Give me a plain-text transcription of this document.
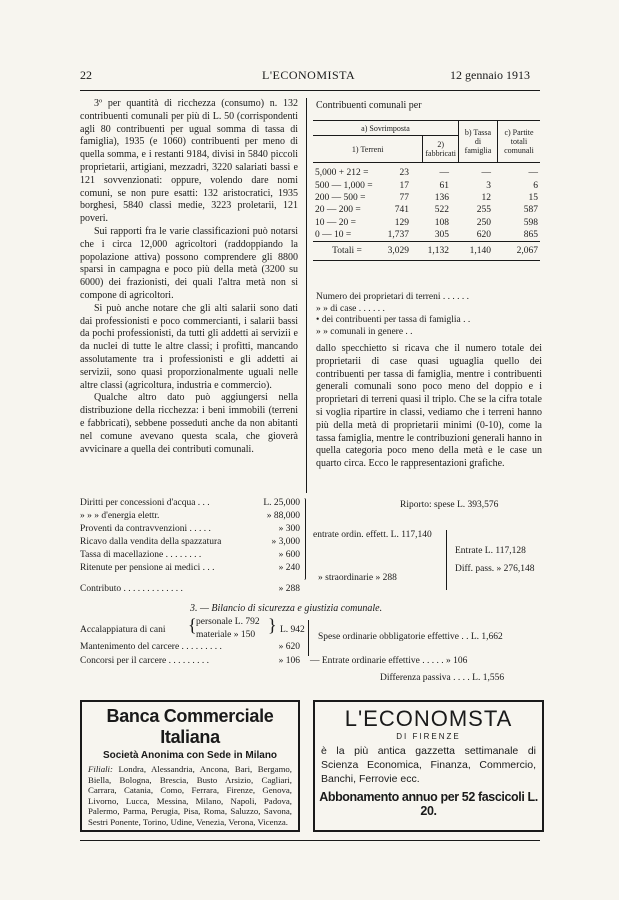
22	L'ECONOMISTA	12 gennaio 1913

3º per quantità di ricchezza (consumo) n. 132 contribuenti comunali per più di L. 50 (corrispondenti agli 80 contribuenti per ugual somma di tassa di famiglia), 1935 (e 1060) contribuenti per meno di quella somma, e i restanti 9184, divisi in 5840 piccoli proprietarii, artigiani, mezzadri, 3220 salariati bassi e 121 sovvenzionati: oppure, volendo dare nomi comuni, se non pure esatti: 132 aristocratici, 1935 borghesi, 5840 classi medie, 3223 proletarii, 121 poveri.

Sui rapporti fra le varie classificazioni può notarsi che i circa 12,000 agricoltori (raddoppiando la popolazione attiva) possono comprendere gli 8800 sparsi in campagna e poco più della metà (3200 su 6000) dei frazionisti, dei quali l'altra metà non si compone di agricoltori.

Si può anche notare che gli alti salarii sono dati dai professionisti e poco commercianti, i salarii bassi da pochi professionisti, da tutti gli addetti ai servizii e da nuclei di tutte le altre classi; i profitti, mancando assolutamente tra i professionisti e gli addetti ai servizii, sono quasi proporzionalmente uguali nelle altre classi (agricoltura, industria e commercio).

Qualche altro dato può aggiungersi nella distribuzione della ricchezza: i beni immobili (terreni e fabbricati), sebbene posseduti anche da non abitanti nel comune avevano questa scala, che gioverà avvicinare a quella dei contributi comunali.

Contribuenti comunali per
a) Sovrimposta		b) Tassa di famiglia	c) Partite totali comunali
1) Terreni	2) fabbricati		
5,000 + 212 =	23	—	—	—
500 — 1,000 =	17	61	3	6
200 — 500 =	77	136	12	15
20 — 200 =	741	522	255	587
10 — 20 =	129	108	250	598
0 — 10 =	1,737	305	620	865
Totali =	3,029	1,132	1,140	2,067
Numero dei proprietari di terreni . . . . . .
» » di case . . . . . .
• dei contribuenti per tassa di famiglia . .
» » comunali in genere . .

dallo specchietto si ricava che il numero totale dei proprietarii di case quasi uguaglia quello dei contribuenti per tassa di famiglia, mentre i contribuenti generali comunali sono poco meno del doppio e i proprietari di terreni quasi il triplo. Che se la cifra totale si voglia ripartire in classi, vediamo che i terreni hanno più della metà di proprietarii minimi (0-10), come la tassa famiglia, mentre le contribuzioni generali hanno in quella categoria poco meno della metà e le case un quarto circa. Ecco le rappresentazioni grafiche.

Diritti per concessioni d'acqua . . .	L. 25,000
» » » d'energia elettr.	» 88,000
Proventi da contravvenzioni . . . . .	» 300
Ricavo dalla vendita della spazzatura	» 3,000
Tassa di macellazione . . . . . . . .	» 600
Ritenute per pensione ai medici . . .	» 240
Contributo . . . . . . . . . . . . .	» 288
Riporto: spese L. 393,576
entrate ordin. effett. L. 117,140
Entrate L. 117,128
» straordinarie » 288
Diff. pass. » 276,148
3. — Bilancio di sicurezza e giustizia comunale.
Accalappiatura di cani { personale L. 792
materiale » 150 } L. 942
Mantenimento del carcere . . . . . . . . .	» 620
Concorsi per il carcere . . . . . . . . .	» 106
Spese ordinarie obbligatorie effettive . . L. 1,662
— Entrate ordinarie effettive . . . . . » 106
Differenza passiva . . . . L. 1,556
Banca Commerciale Italiana
Società Anonima con Sede in Milano
Filiali: Londra, Alessandria, Ancona, Bari, Bergamo, Biella, Bologna, Brescia, Busto Arsizio, Cagliari, Carrara, Catania, Como, Ferrara, Firenze, Genova, Livorno, Lucca, Messina, Milano, Napoli, Padova, Palermo, Parma, Perugia, Pisa, Roma, Saluzzo, Savona, Sestri Ponente, Torino, Udine, Venezia, Verona, Vicenza.
L'ECONOMSTA
DI FIRENZE
è la più antica gazzetta settimanale di Scienza Economica, Finanza, Commercio, Banchi, Ferrovie ecc.
Abbonamento annuo per 52 fascicoli L. 20.
